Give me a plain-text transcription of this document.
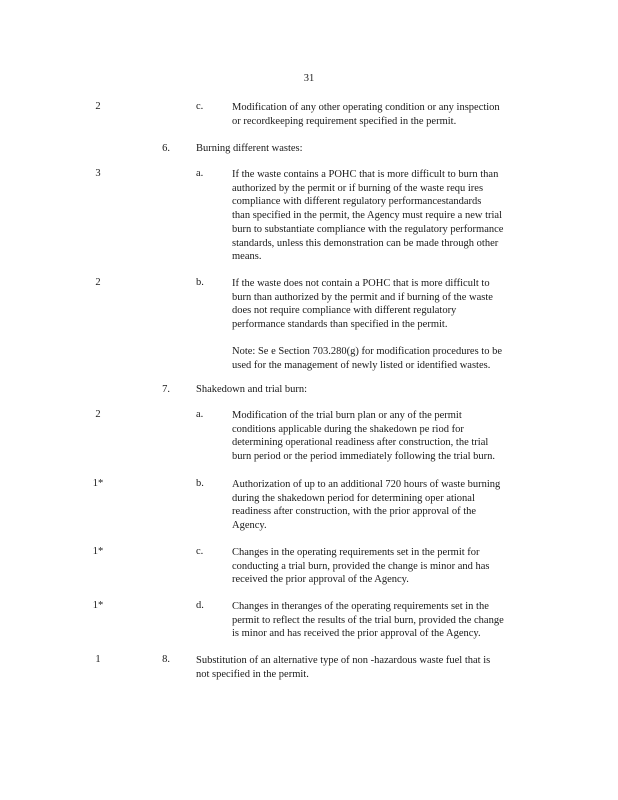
31
2	c.	Modification of any other operating condition or any inspection
or recordkeeping requirement specified in the permit.
6. Burning different wastes:
3	a.	If the waste contains a POHC that is more difficult to burn than
authorized by the permit or if burning of the waste requ ires
compliance with different regulatory performancestandards
than specified in the permit, the Agency must require a new trial
burn to substantiate compliance with the regulatory performance
standards, unless this demonstration can be made through other
means.
2	b.	If the waste does not contain a POHC that is more difficult to
burn than authorized by the permit and if burning of the waste
does not require compliance with different regulatory
performance standards than specified in the permit.
Note: Se e Section 703.280(g) for modification procedures to be
used for the management of newly listed or identified wastes.
7. Shakedown and trial burn:
2	a.	Modification of the trial burn plan or any of the permit
conditions applicable during the shakedown pe riod for
determining operational readiness after construction, the trial
burn period or the period immediately following the trial burn.
1*	b.	Authorization of up to an additional 720 hours of waste burning
during the shakedown period for determining oper ational
readiness after construction, with the prior approval of the
Agency.
1*	c.	Changes in the operating requirements set in the permit for
conducting a trial burn, provided the change is minor and has
received the prior approval of the Agency.
1*	d.	Changes in theranges of the operating requirements set in the
permit to reflect the results of the trial burn, provided the change
is minor and has received the prior approval of the Agency.
1	8. Substitution of an alternative type of non -hazardous waste fuel that is
not specified in the permit.
